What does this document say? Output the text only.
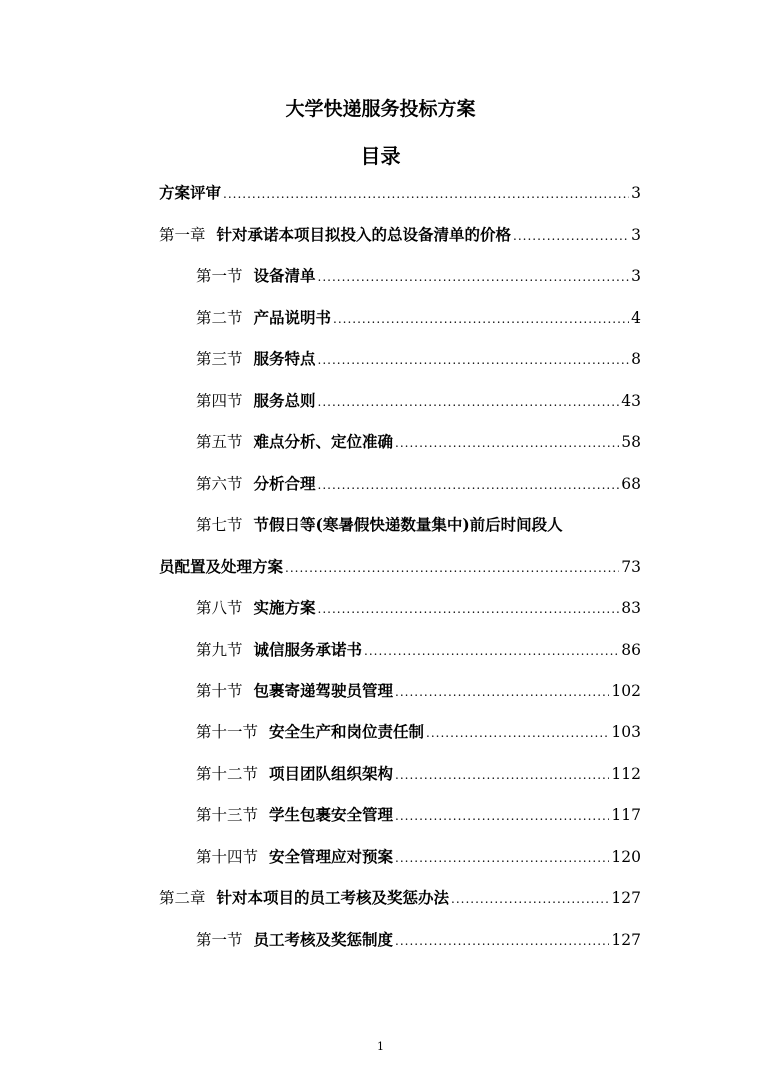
大学快递服务投标方案
目录
方案评审 .....	3
第一章 针对承诺本项目拟投入的总设备清单的价格 .....	3
第一节 设备清单 .....	3
第二节 产品说明书 .....	4
第三节 服务特点 .....	8
第四节 服务总则 .....	43
第五节 难点分析、定位准确 .....	58
第六节 分析合理 .....	68
第七节 节假日等(寒暑假快递数量集中)前后时间段人
员配置及处理方案 .....	73
第八节 实施方案 .....	83
第九节 诚信服务承诺书 .....	86
第十节 包裹寄递驾驶员管理 .....	102
第十一节 安全生产和岗位责任制 .....	103
第十二节 项目团队组织架构 .....	112
第十三节 学生包裹安全管理 .....	117
第十四节 安全管理应对预案 .....	120
第二章 针对本项目的员工考核及奖惩办法 .....	127
第一节 员工考核及奖惩制度 .....	127
1
